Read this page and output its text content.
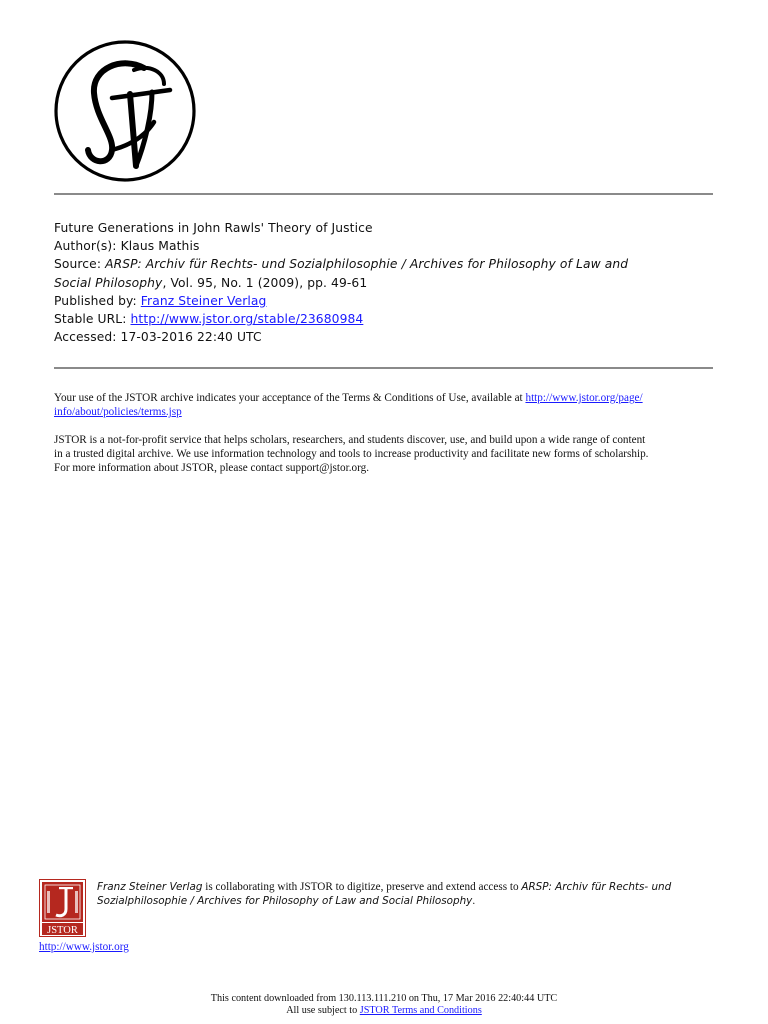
Future Generations in John Rawls' Theory of Justice
Author(s): Klaus Mathis
Source: ARSP: Archiv für Rechts- und Sozialphilosophie / Archives for Philosophy of Law and
Social Philosophy, Vol. 95, No. 1 (2009), pp. 49-61
Published by: Franz Steiner Verlag
Stable URL: http://www.jstor.org/stable/23680984
Accessed: 17-03-2016 22:40 UTC
Your use of the JSTOR archive indicates your acceptance of the Terms & Conditions of Use, available at http://www.jstor.org/page/
info/about/policies/terms.jsp
JSTOR is a not-for-profit service that helps scholars, researchers, and students discover, use, and build upon a wide range of content
in a trusted digital archive. We use information technology and tools to increase productivity and facilitate new forms of scholarship.
For more information about JSTOR, please contact support@jstor.org.
JSTOR
Franz Steiner Verlag is collaborating with JSTOR to digitize, preserve and extend access to ARSP: Archiv für Rechts- und
Sozialphilosophie / Archives for Philosophy of Law and Social Philosophy.
http://www.jstor.org
This content downloaded from 130.113.111.210 on Thu, 17 Mar 2016 22:40:44 UTC
All use subject to JSTOR Terms and Conditions
